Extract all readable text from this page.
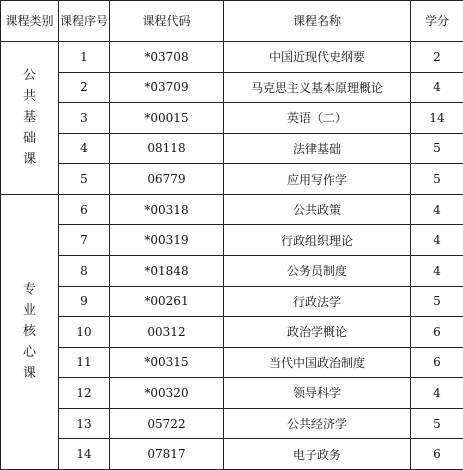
课程类别	课程序号	课程代码	课程名称	学分
公共基础课	1	*03708	中国近现代史纲要	2
	2	*03709	马克思主义基本原理概论	4
	3	*00015	英语（二）	14
	4	08118	法律基础	5
	5	06779	应用写作学	5
专业核心课	6	*00318	公共政策	4
	7	*00319	行政组织理论	4
	8	*01848	公务员制度	4
	9	*00261	行政法学	5
	10	00312	政治学概论	6
	11	*00315	当代中国政治制度	6
	12	*00320	领导科学	4
	13	05722	公共经济学	5
	14	07817	电子政务	6
